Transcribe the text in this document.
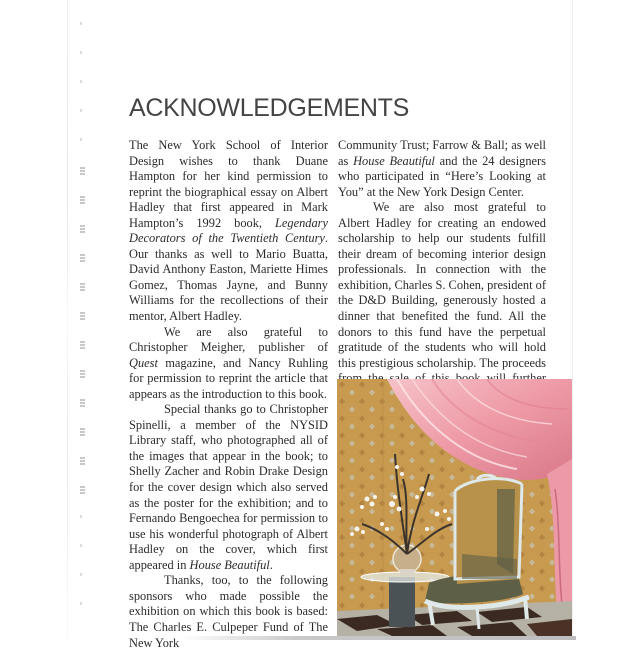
ACKNOWLEDGEMENTS

The New York School of Interior Design wishes to thank Duane Hampton for her kind permission to reprint the biographical essay on Albert Hadley that first appeared in Mark Hampton’s 1992 book, Legendary Decorators of the Twentieth Century. Our thanks as well to Mario Buatta, David Anthony Easton, Mariette Himes Gomez, Thomas Jayne, and Bunny Williams for the recollections of their mentor, Albert Hadley.

We are also grateful to Christopher Meigher, publisher of Quest magazine, and Nancy Ruhling for permission to reprint the article that appears as the introduction to this book.

Special thanks go to Christopher Spinelli, a member of the NYSID Library staff, who photographed all of the images that appear in the book; to Shelly Zacher and Robin Drake Design for the cover design which also served as the poster for the exhibition; and to Fernando Bengoechea for permission to use his wonderful photograph of Albert Hadley on the cover, which first appeared in House Beautiful.

Thanks, too, to the following sponsors who made possible the exhibition on which this book is based: The Charles E. Culpeper Fund of The New York

Community Trust; Farrow & Ball; as well as House Beautiful and the 24 designers who participated in “Here’s Looking at You” at the New York Design Center.

We are also most grateful to Albert Hadley for creating an endowed scholarship to help our students fulfill their dream of becoming interior design professionals. In connection with the exhibition, Charles S. Cohen, president of the D&D Building, generously hosted a dinner that benefited the fund. All the donors to this fund have the perpetual gratitude of the students who will hold this prestigious scholarship. The proceeds
